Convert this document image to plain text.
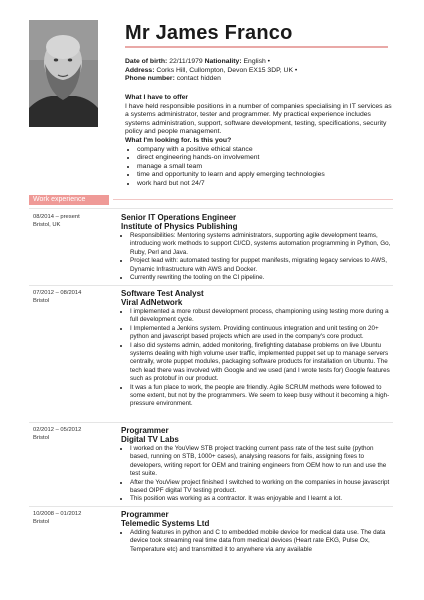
Mr James Franco
Date of birth: 22/11/1979 Nationality: English •
Address: Corks Hill, Cullompton, Devon EX15 3DP, UK •
Phone number: contact hidden

What I have to offer

I have held responsible positions in a number of companies specialising in IT services as a systems administrator, tester and programmer. My practical experience includes systems administration, support, software development, testing, specifications, security policy and people management.

What I'm looking for. Is this you?

• company with a positive ethical stance
• direct engineering hands-on involvement
• manage a small team
• time and opportunity to learn and apply emerging technologies
• work hard but not 24/7
Work experience
08/2014 – present
Bristol, UK

Senior IT Operations Engineer

Institute of Physics Publishing

• Responsibilities: Mentoring systems administrators, supporting agile development teams, introducing work methods to support CI/CD, systems automation programming in Python, Go, Ruby, Perl and Java.
• Project lead with: automated testing for puppet manifests, migrating legacy services to AWS, Dynamic Infrastructure with AWS and Docker.
• Currently rewriting the tooling on the CI pipeline.
07/2012 – 08/2014
Bristol

Software Test Analyst

Viral AdNetwork

• I implemented a more robust development process, championing using testing more during a full development cycle.
• I Implemented a Jenkins system. Providing continuous integration and unit testing on 20+ python and javascript based projects which are used in the company's core product.
• I also did systems admin, added monitoring, firefighting database problems on live Ubuntu systems dealing with high volume user traffic, implemented puppet set up to manage servers centrally, wrote puppet modules, packaging software products for installation on Ubuntu. The tech lead there was involved with Google and we used (and I wrote tests for) Google features such as protobuf in our product.
• It was a fun place to work, the people are friendly. Agile SCRUM methods were followed to some extent, but not by the programmers. We seem to keep busy without it becoming a high-pressure environment.
02/2012 – 05/2012
Bristol

Programmer

Digital TV Labs

• I worked on the YouView STB project tracking current pass rate of the test suite (python based, running on STB, 1000+ cases), analysing reasons for fails, assigning fixes to developers, writing report for OEM and training engineers from OEM how to run and use the test suite.
• After the YouView project finished I switched to working on the companies in house javascript based OIPF digital TV testing product.
• This position was working as a contractor. It was enjoyable and I learnt a lot.
10/2008 – 01/2012
Bristol

Programmer

Telemedic Systems Ltd

• Adding features in python and C to embedded mobile device for medical data use. The data device took streaming real time data from medical devices (Heart rate EKG, Pulse Ox, Temperature etc) and transmitted it to anywhere via any available
